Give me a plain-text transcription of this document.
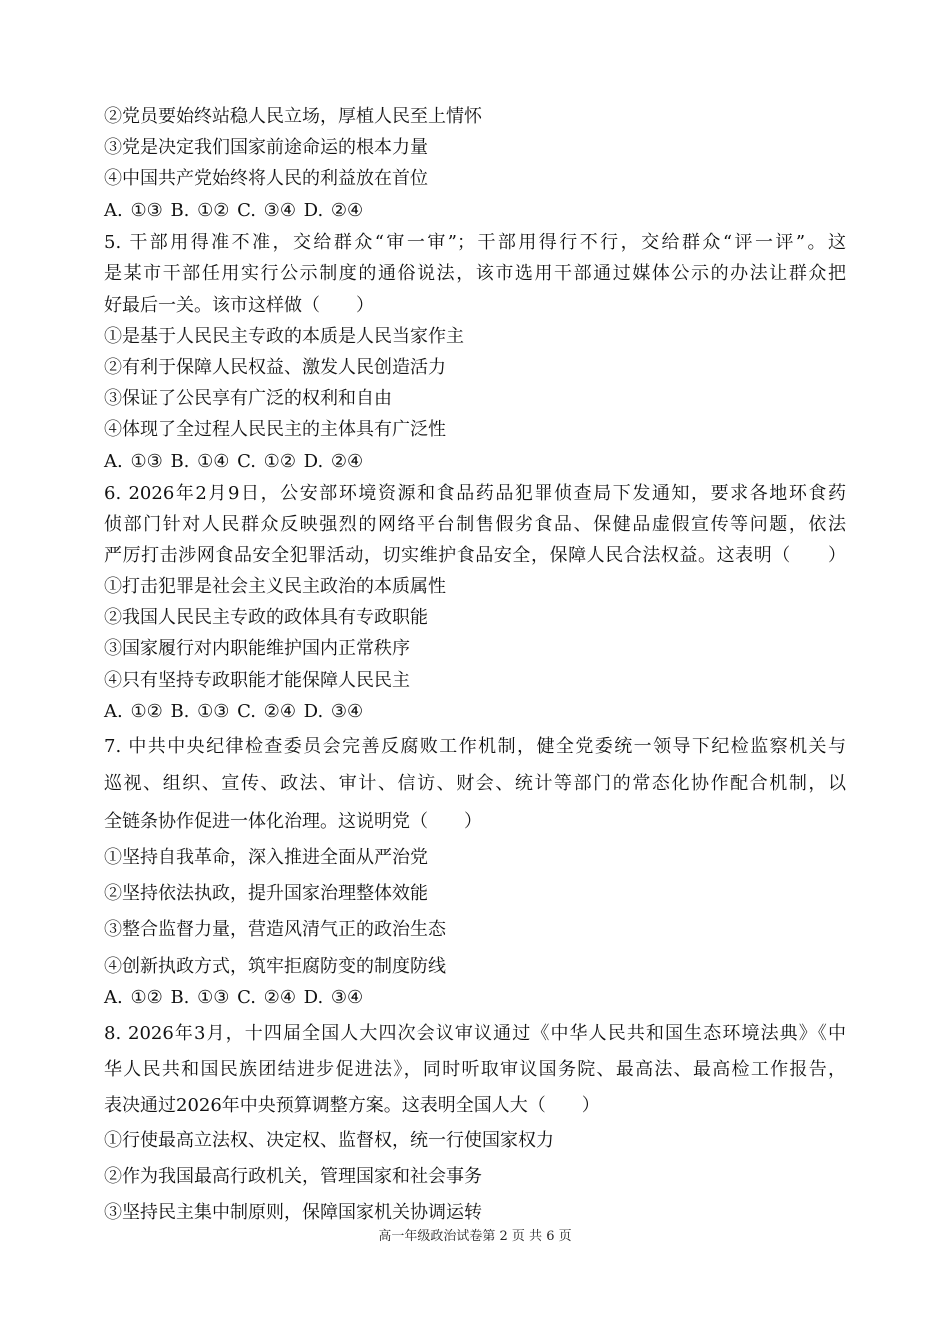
②党员要始终站稳人民立场，厚植人民至上情怀
③党是决定我们国家前途命运的根本力量
④中国共产党始终将人民的利益放在首位
A. ①③ B. ①② C. ③④ D. ②④
5. 干部用得准不准，交给群众“审一审”；干部用得行不行，交给群众“评一评”。这
是某市干部任用实行公示制度的通俗说法，该市选用干部通过媒体公示的办法让群众把
好最后一关。该市这样做（　　）
①是基于人民民主专政的本质是人民当家作主
②有利于保障人民权益、激发人民创造活力
③保证了公民享有广泛的权利和自由
④体现了全过程人民民主的主体具有广泛性
A. ①③ B. ①④ C. ①② D. ②④
6. 2026年2月9日，公安部环境资源和食品药品犯罪侦查局下发通知，要求各地环食药
侦部门针对人民群众反映强烈的网络平台制售假劣食品、保健品虚假宣传等问题，依法
严厉打击涉网食品安全犯罪活动，切实维护食品安全，保障人民合法权益。这表明（　　）
①打击犯罪是社会主义民主政治的本质属性
②我国人民民主专政的政体具有专政职能
③国家履行对内职能维护国内正常秩序
④只有坚持专政职能才能保障人民民主
A. ①② B. ①③ C. ②④ D. ③④
7. 中共中央纪律检查委员会完善反腐败工作机制，健全党委统一领导下纪检监察机关与
巡视、组织、宣传、政法、审计、信访、财会、统计等部门的常态化协作配合机制，以
全链条协作促进一体化治理。这说明党（　　）
①坚持自我革命，深入推进全面从严治党
②坚持依法执政，提升国家治理整体效能
③整合监督力量，营造风清气正的政治生态
④创新执政方式，筑牢拒腐防变的制度防线
A. ①② B. ①③ C. ②④ D. ③④
8. 2026年3月，十四届全国人大四次会议审议通过《中华人民共和国生态环境法典》《中
华人民共和国民族团结进步促进法》，同时听取审议国务院、最高法、最高检工作报告，
表决通过2026年中央预算调整方案。这表明全国人大（　　）
①行使最高立法权、决定权、监督权，统一行使国家权力
②作为我国最高行政机关，管理国家和社会事务
③坚持民主集中制原则，保障国家机关协调运转
高一年级政治试卷第 2 页 共 6 页
